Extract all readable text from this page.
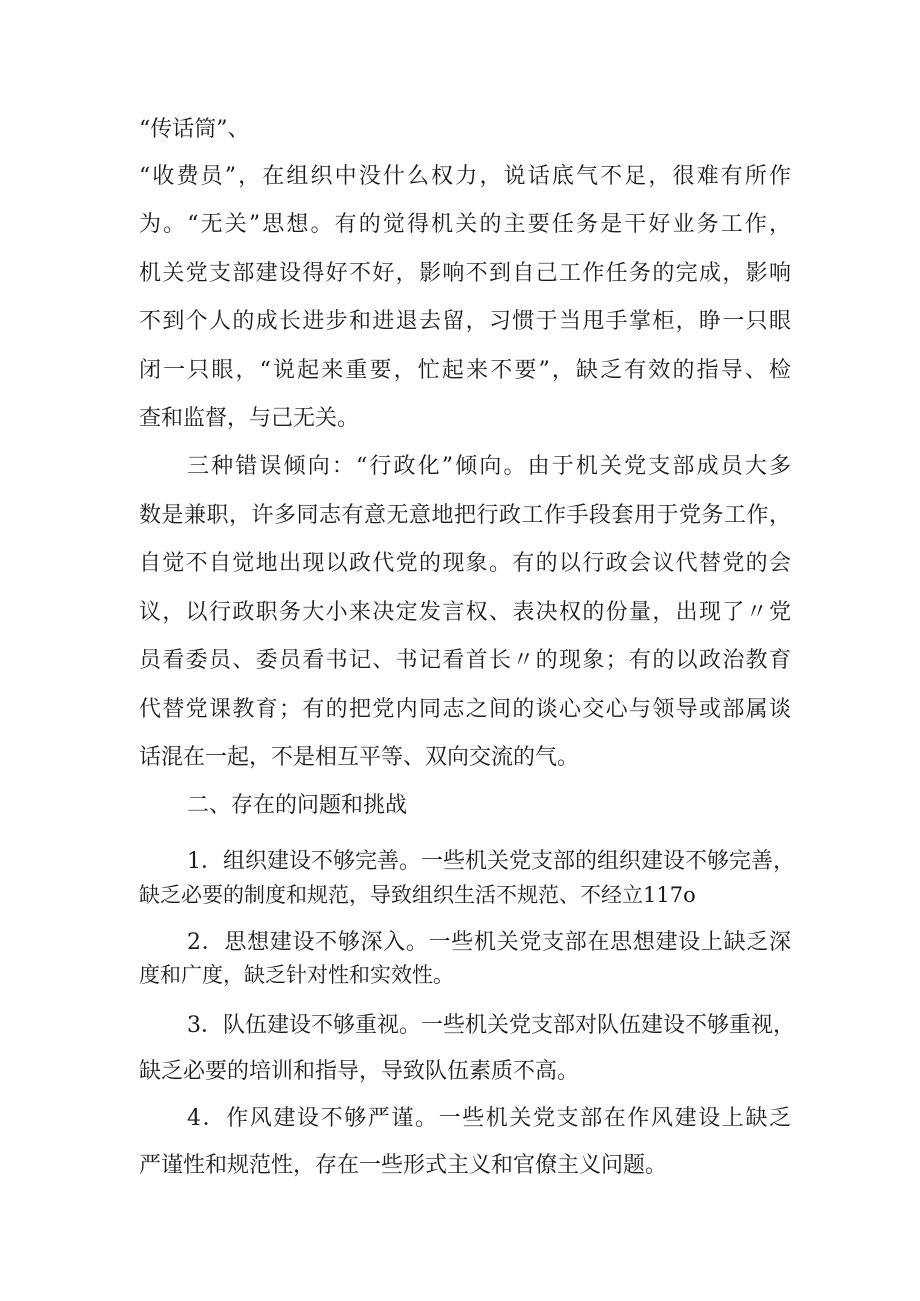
“传话筒”、

“收费员”，在组织中没什么权力，说话底气不足，很难有所作

为。“无关”思想。有的觉得机关的主要任务是干好业务工作，

机关党支部建设得好不好，影响不到自己工作任务的完成，影响

不到个人的成长进步和进退去留，习惯于当甩手掌柜，睁一只眼

闭一只眼，“说起来重要，忙起来不要”，缺乏有效的指导、检

查和监督，与己无关。

三种错误倾向：“行政化”倾向。由于机关党支部成员大多

数是兼职，许多同志有意无意地把行政工作手段套用于党务工作，

自觉不自觉地出现以政代党的现象。有的以行政会议代替党的会

议，以行政职务大小来决定发言权、表决权的份量，出现了〃党

员看委员、委员看书记、书记看首长〃的现象；有的以政治教育

代替党课教育；有的把党内同志之间的谈心交心与领导或部属谈

话混在一起，不是相互平等、双向交流的气。

二、存在的问题和挑战

1．组织建设不够完善。一些机关党支部的组织建设不够完善，

缺乏必要的制度和规范，导致组织生活不规范、不经立117o

2．思想建设不够深入。一些机关党支部在思想建设上缺乏深

度和广度，缺乏针对性和实效性。

3．队伍建设不够重视。一些机关党支部对队伍建设不够重视，

缺乏必要的培训和指导，导致队伍素质不高。

4．作风建设不够严谨。一些机关党支部在作风建设上缺乏

严谨性和规范性，存在一些形式主义和官僚主义问题。
